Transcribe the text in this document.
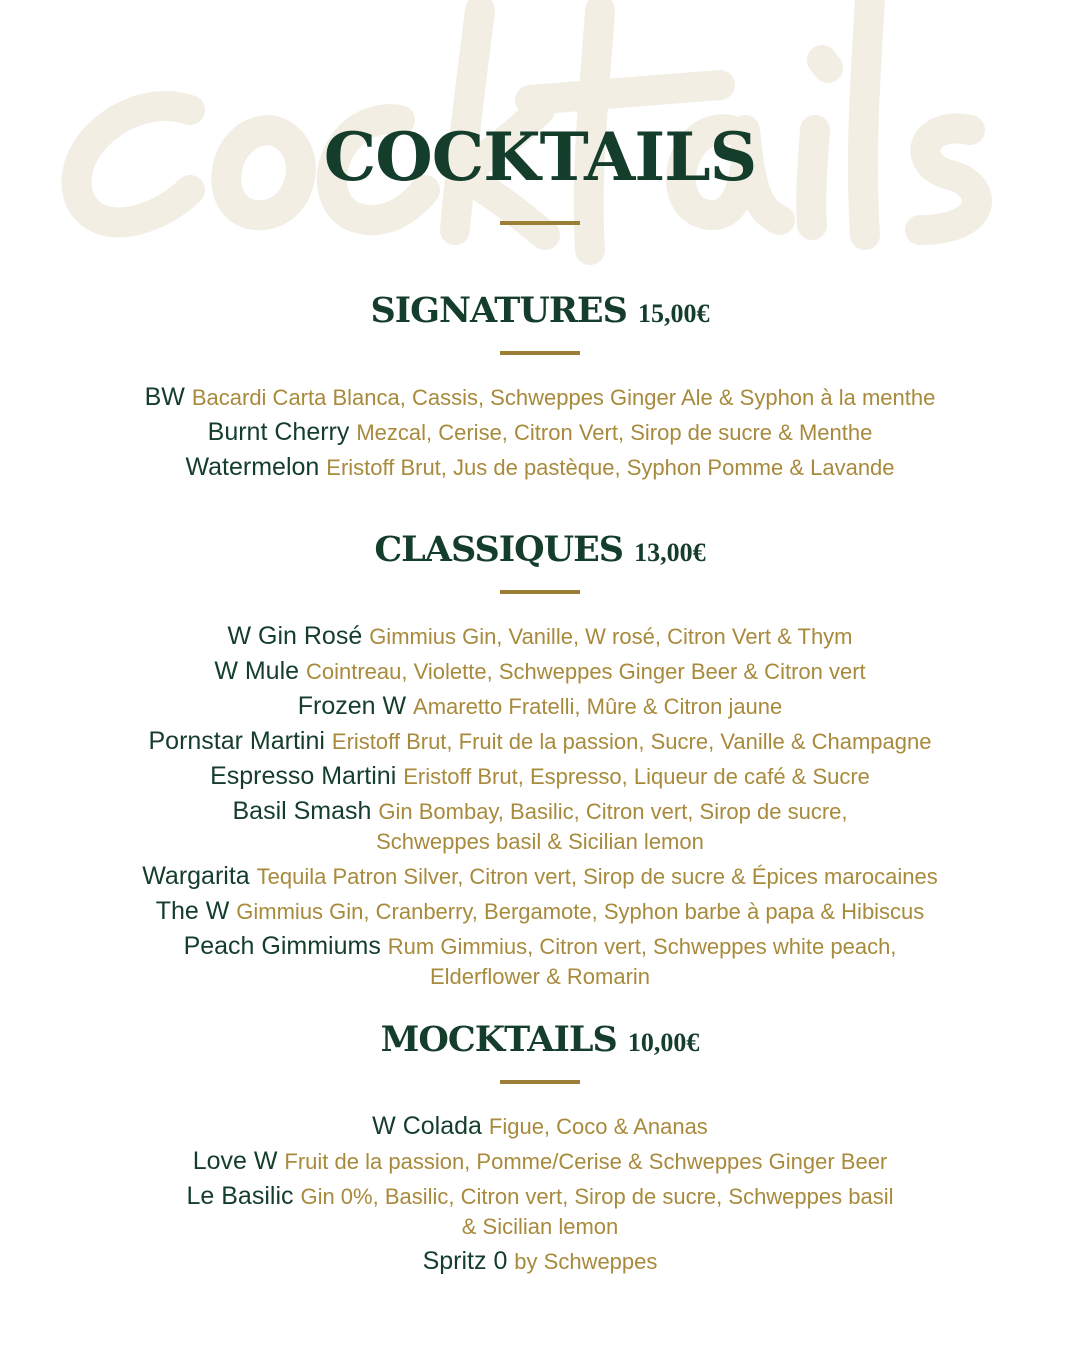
COCKTAILS
SIGNATURES 15,00€
BW Bacardi Carta Blanca, Cassis, Schweppes Ginger Ale & Syphon à la menthe
Burnt Cherry Mezcal, Cerise, Citron Vert, Sirop de sucre & Menthe
Watermelon Eristoff Brut, Jus de pastèque, Syphon Pomme & Lavande
CLASSIQUES 13,00€
W Gin Rosé Gimmius Gin, Vanille, W rosé, Citron Vert & Thym
W Mule Cointreau, Violette, Schweppes Ginger Beer & Citron vert
Frozen W Amaretto Fratelli, Mûre & Citron jaune
Pornstar Martini Eristoff Brut, Fruit de la passion, Sucre, Vanille & Champagne
Espresso Martini Eristoff Brut, Espresso, Liqueur de café & Sucre
Basil Smash Gin Bombay, Basilic, Citron vert, Sirop de sucre,
Schweppes basil & Sicilian lemon
Wargarita Tequila Patron Silver, Citron vert, Sirop de sucre & Épices marocaines
The W Gimmius Gin, Cranberry, Bergamote, Syphon barbe à papa & Hibiscus
Peach Gimmiums Rum Gimmius, Citron vert, Schweppes white peach,
Elderflower & Romarin
MOCKTAILS 10,00€
W Colada Figue, Coco & Ananas
Love W Fruit de la passion, Pomme/Cerise & Schweppes Ginger Beer
Le Basilic Gin 0%, Basilic, Citron vert, Sirop de sucre, Schweppes basil
& Sicilian lemon
Spritz 0 by Schweppes
